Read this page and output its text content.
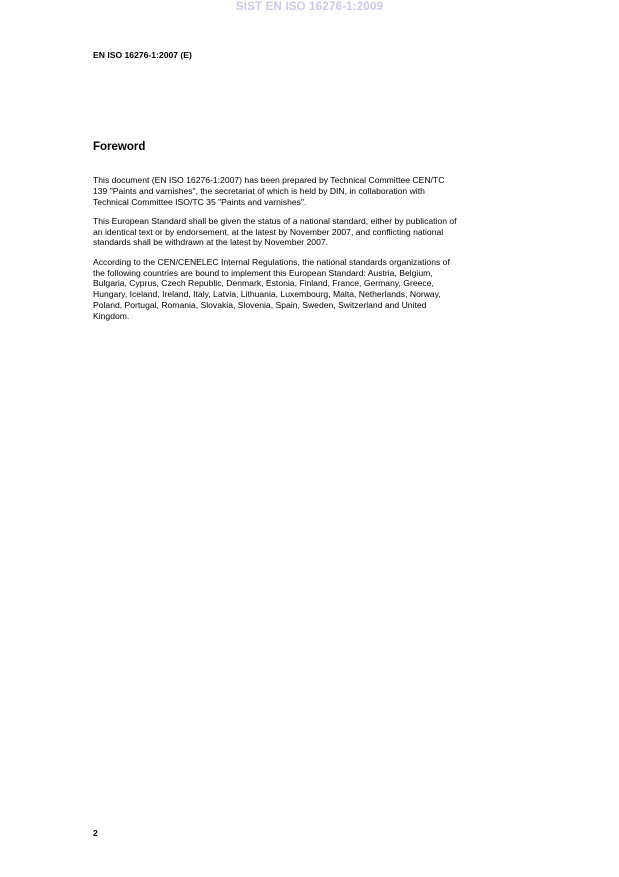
SIST EN ISO 16276-1:2009
EN ISO 16276-1:2007 (E)
Foreword

This document (EN ISO 16276-1:2007) has been prepared by Technical Committee CEN/TC
139 "Paints and varnishes", the secretariat of which is held by DIN, in collaboration with
Technical Committee ISO/TC 35 "Paints and varnishes".

This European Standard shall be given the status of a national standard, either by publication of
an identical text or by endorsement, at the latest by November 2007, and conflicting national
standards shall be withdrawn at the latest by November 2007.

According to the CEN/CENELEC Internal Regulations, the national standards organizations of
the following countries are bound to implement this European Standard: Austria, Belgium,
Bulgaria, Cyprus, Czech Republic, Denmark, Estonia, Finland, France, Germany, Greece,
Hungary, Iceland, Ireland, Italy, Latvia, Lithuania, Luxembourg, Malta, Netherlands, Norway,
Poland, Portugal, Romania, Slovakia, Slovenia, Spain, Sweden, Switzerland and United
Kingdom.

2
